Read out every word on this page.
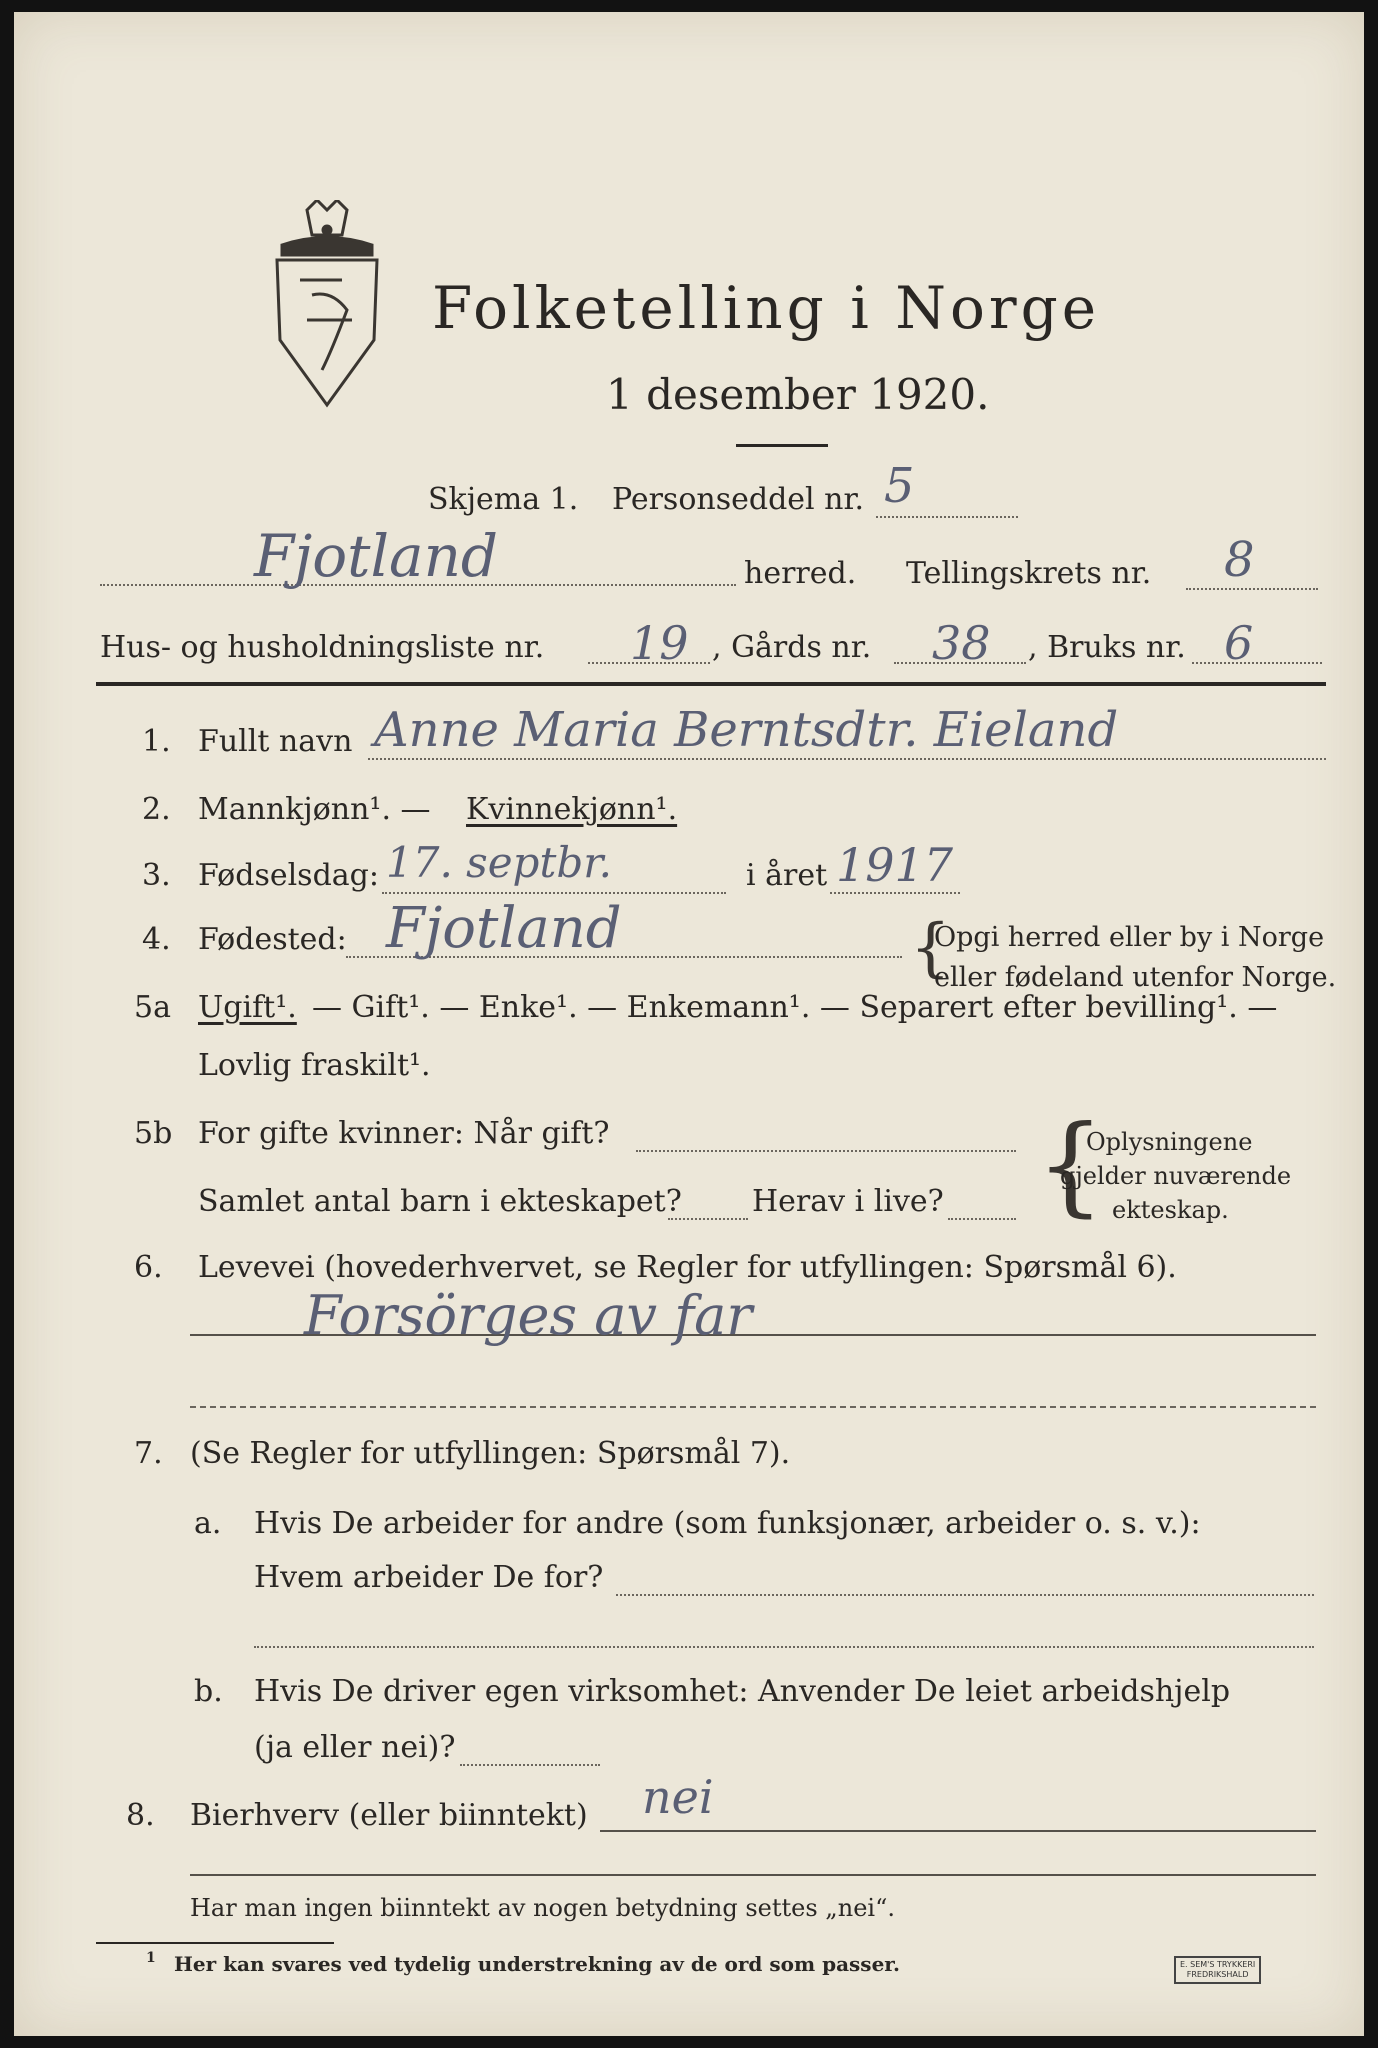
Folketelling i Norge
1 desember 1920.
Skjema 1. Personseddel nr. 5
Fjotland	herred. Tellingskrets nr. 8
Hus- og husholdningsliste nr. 19 , Gårds nr. 38 , Bruks nr. 6
1. Fullt navn Anne Maria Berntsdtr. Eieland
2. Mannkjønn¹. — Kvinnekjønn¹.
3. Fødselsdag: 17. septbr.	i året 1917
4. Fødested: Fjotland	{
Opgi herred eller by i Norge
eller fødeland utenfor Norge.
5a Ugift¹. — Gift¹. — Enke¹. — Enkemann¹. — Separert efter bevilling¹. —
Lovlig fraskilt¹.
5b For gifte kvinner: Når gift?
Samlet antal barn i ekteskapet? Herav i live? {
Oplysningene
gjelder nuværende
ekteskap.
6. Levevei (hovederhvervet, se Regler for utfyllingen: Spørsmål 6).
Forsörges av far
7. (Se Regler for utfyllingen: Spørsmål 7).
a. Hvis De arbeider for andre (som funksjonær, arbeider o. s. v.):
Hvem arbeider De for?
b. Hvis De driver egen virksomhet: Anvender De leiet arbeidshjelp
(ja eller nei)?
8. Bierhverv (eller biinntekt) nei
Har man ingen biinntekt av nogen betydning settes „nei“.
1 Her kan svares ved tydelig understrekning av de ord som passer.	E. SEM'S TRYKKERI
FREDRIKSHALD
